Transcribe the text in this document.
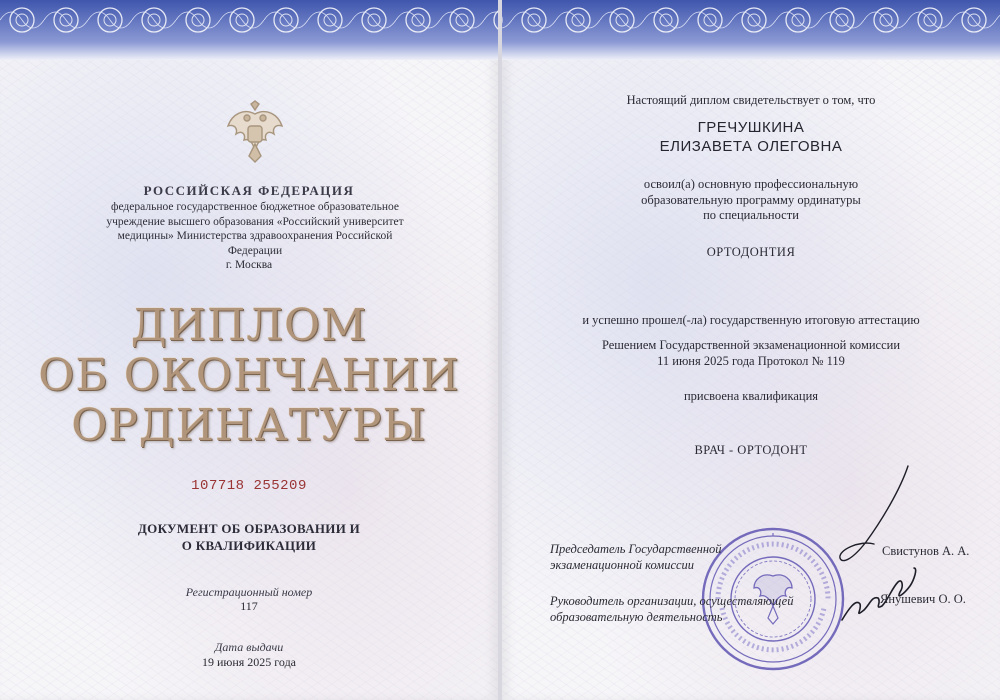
РОССИЙСКАЯ ФЕДЕРАЦИЯ
федеральное государственное бюджетное образовательное
учреждение высшего образования «Российский университет
медицины» Министерства здравоохранения Российской
Федерации
г. Москва
ДИПЛОМ
ОБ ОКОНЧАНИИ
ОРДИНАТУРЫ
107718 255209
ДОКУМЕНТ ОБ ОБРАЗОВАНИИ И
О КВАЛИФИКАЦИИ
Регистрационный номер
117
Дата выдачи
19 июня 2025 года
Настоящий диплом свидетельствует о том, что
ГРЕЧУШКИНА
ЕЛИЗАВЕТА ОЛЕГОВНА
освоил(а) основную профессиональную
образовательную программу ординатуры
по специальности
ОРТОДОНТИЯ
и успешно прошел(-ла) государственную итоговую аттестацию
Решением Государственной экзаменационной комиссии
11 июня 2025 года Протокол № 119
присвоена квалификация
ВРАЧ - ОРТОДОНТ
Председатель Государственной
экзаменационной комиссии
Свистунов А. А.
Руководитель организации, осуществляющей
образовательную деятельность
Янушевич О. О.
